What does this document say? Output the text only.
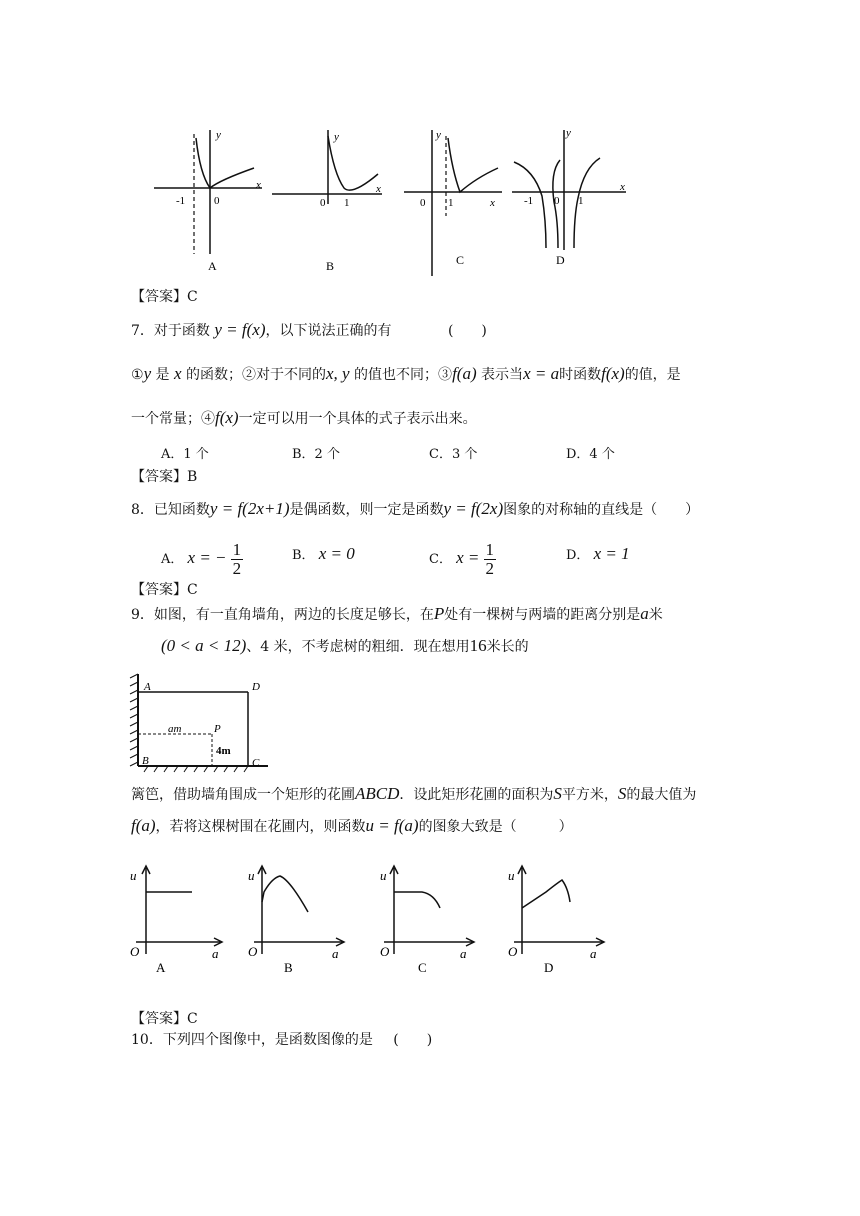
y
x
-1	0
A
y
x
0 1
B
y
x
0 1
C
y
x
-1 0 1
D
【答案】C
7．对于函数 y = f(x)，以下说法正确的有	(　　)
①y 是 x 的函数；②对于不同的x, y 的值也不同；③f(a) 表示当x = a时函数f(x)的值，是
一个常量；④f(x)一定可以用一个具体的式子表示出来。
A．1 个	B．2 个	C．3 个	D．4 个
【答案】B
8．已知函数y = f(2x+1)是偶函数，则一定是函数y = f(2x)图象的对称轴的直线是（　　）
A． x = − $\frac{1}{2}$	B． x = 0	C． $x = \frac{1}{2}$	D． x = 1
【答案】C
9．如图，有一直角墙角，两边的长度足够长，在P处有一棵树与两墙的距离分别是a米
(0 < a < 12)、4 米，不考虑树的粗细．现在想用16米长的
A	D
B	C
P
am
4m
篱笆，借助墙角围成一个矩形的花圃ABCD．设此矩形花圃的面积为S平方米，S的最大值为
f(a)，若将这棵树围在花圃内，则函数u = f(a)的图象大致是（　　　）
u
O	a
A
u
O	a
B
u
O	a
C
u
O	a
D
【答案】C
10．下列四个图像中，是函数图像的是 (　　)
